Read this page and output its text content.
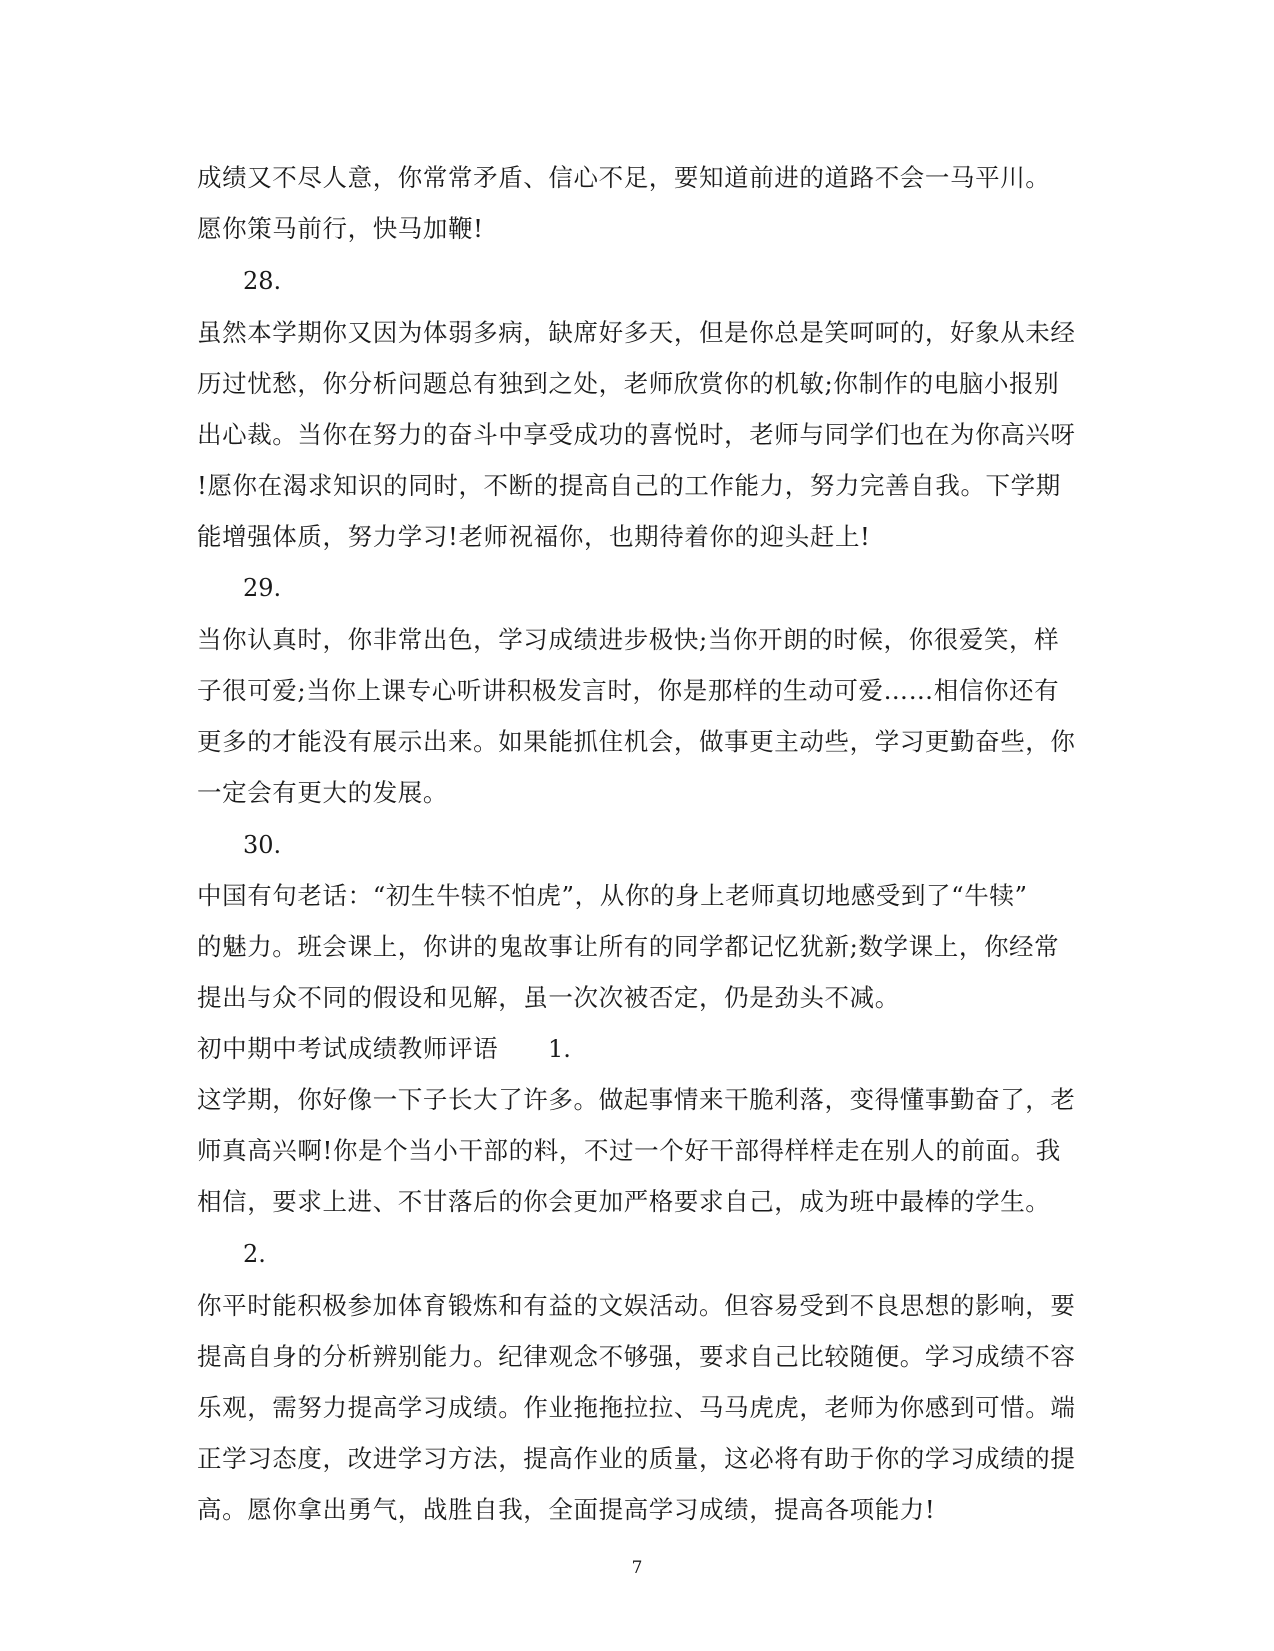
成绩又不尽人意，你常常矛盾、信心不足，要知道前进的道路不会一马平川。
愿你策马前行，快马加鞭!
28.
虽然本学期你又因为体弱多病，缺席好多天，但是你总是笑呵呵的，好象从未经
历过忧愁，你分析问题总有独到之处，老师欣赏你的机敏;你制作的电脑小报别
出心裁。当你在努力的奋斗中享受成功的喜悦时，老师与同学们也在为你高兴呀
!愿你在渴求知识的同时，不断的提高自己的工作能力，努力完善自我。下学期
能增强体质，努力学习!老师祝福你，也期待着你的迎头赶上!
29.
当你认真时，你非常出色，学习成绩进步极快;当你开朗的时候，你很爱笑，样
子很可爱;当你上课专心听讲积极发言时，你是那样的生动可爱……相信你还有
更多的才能没有展示出来。如果能抓住机会，做事更主动些，学习更勤奋些，你
一定会有更大的发展。
30.
中国有句老话：“初生牛犊不怕虎”，从你的身上老师真切地感受到了“牛犊”
的魅力。班会课上，你讲的鬼故事让所有的同学都记忆犹新;数学课上，你经常
提出与众不同的假设和见解，虽一次次被否定，仍是劲头不减。
初中期中考试成绩教师评语 1.
这学期，你好像一下子长大了许多。做起事情来干脆利落，变得懂事勤奋了，老
师真高兴啊!你是个当小干部的料，不过一个好干部得样样走在别人的前面。我
相信，要求上进、不甘落后的你会更加严格要求自己，成为班中最棒的学生。
2.
你平时能积极参加体育锻炼和有益的文娱活动。但容易受到不良思想的影响，要
提高自身的分析辨别能力。纪律观念不够强，要求自己比较随便。学习成绩不容
乐观，需努力提高学习成绩。作业拖拖拉拉、马马虎虎，老师为你感到可惜。端
正学习态度，改进学习方法，提高作业的质量，这必将有助于你的学习成绩的提
高。愿你拿出勇气，战胜自我，全面提高学习成绩，提高各项能力!
7
